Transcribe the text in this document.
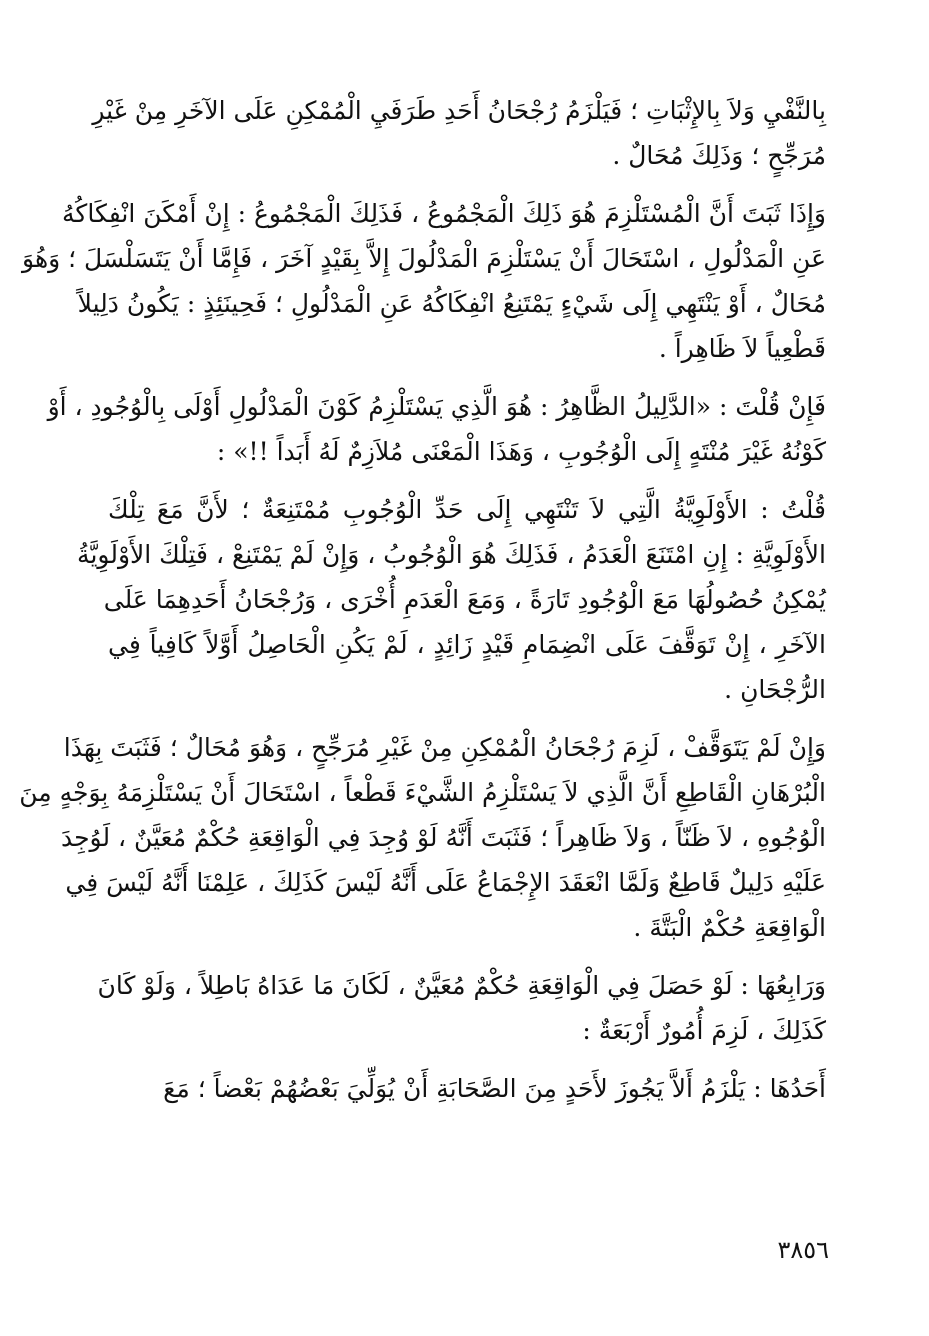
بِالنَّفْيِ وَلاَ بِالإِثْبَاتِ ؛ فَيَلْزَمُ رُجْحَانُ أَحَدِ طَرَفَيِ الْمُمْكِنِ عَلَى الآخَرِ مِنْ غَيْرِ
مُرَجِّحٍ ؛ وَذَلِكَ مُحَالٌ .
وَإِذَا ثَبَتَ أَنَّ الْمُسْتَلْزِمَ هُوَ ذَلِكَ الْمَجْمُوعُ ، فَذَلِكَ الْمَجْمُوعُ : إِنْ أَمْكَنَ انْفِكَاكُهُ
عَنِ الْمَدْلُولِ ، اسْتَحَالَ أَنْ يَسْتَلْزِمَ الْمَدْلُولَ إِلاَّ بِقَيْدٍ آخَرَ ، فَإِمَّا أَنْ يَتَسَلْسَلَ ؛ وَهُوَ
مُحَالٌ ، أَوْ يَنْتَهِي إِلَى شَيْءٍ يَمْتَنِعُ انْفِكَاكُهُ عَنِ الْمَدْلُولِ ؛ فَحِينَئِذٍ : يَكُونُ دَلِيلاً
قَطْعِياً لاَ ظَاهِراً .
فَإِنْ قُلْتَ : «الدَّلِيلُ الظَّاهِرُ : هُوَ الَّذِي يَسْتَلْزِمُ كَوْنَ الْمَدْلُولِ أَوْلَى بِالْوُجُودِ ، أَوْ
كَوْنُهُ غَيْرَ مُنْتَهٍ إِلَى الْوُجُوبِ ، وَهَذَا الْمَعْنَى مُلاَزِمٌ لَهُ أَبَداً !!» :
قُلْتُ : الأَوْلَوِيَّةُ الَّتِي لاَ تَنْتَهِي إِلَى حَدِّ الْوُجُوبِ مُمْتَنِعَةٌ ؛ لأَنَّ مَعَ تِلْكَ
الأَوْلَوِيَّةِ : إِنِ امْتَنَعَ الْعَدَمُ ، فَذَلِكَ هُوَ الْوُجُوبُ ، وَإِنْ لَمْ يَمْتَنِعْ ، فَتِلْكَ الأَوْلَوِيَّةُ
يُمْكِنُ حُصُولُهَا مَعَ الْوُجُودِ تَارَةً ، وَمَعَ الْعَدَمِ أُخْرَى ، وَرُجْحَانُ أَحَدِهِمَا عَلَى
الآخَرِ ، إِنْ تَوَقَّفَ عَلَى انْضِمَامِ قَيْدٍ زَائِدٍ ، لَمْ يَكُنِ الْحَاصِلُ أَوَّلاً كَافِياً فِي
الرُّجْحَانِ .
وَإِنْ لَمْ يَتَوَقَّفْ ، لَزِمَ رُجْحَانُ الْمُمْكِنِ مِنْ غَيْرِ مُرَجِّحٍ ، وَهُوَ مُحَالٌ ؛ فَثَبَتَ بِهَذَا
الْبُرْهَانِ الْقَاطِعِ أَنَّ الَّذِي لاَ يَسْتَلْزِمُ الشَّيْءَ قَطْعاً ، اسْتَحَالَ أَنْ يَسْتَلْزِمَهُ بِوَجْهٍ مِنَ
الْوُجُوهِ ، لاَ ظَنّاً ، وَلاَ ظَاهِراً ؛ فَثَبَتَ أَنَّهُ لَوْ وُجِدَ فِي الْوَاقِعَةِ حُكْمٌ مُعَيَّنٌ ، لَوُجِدَ
عَلَيْهِ دَلِيلٌ قَاطِعٌ وَلَمَّا انْعَقَدَ الإِجْمَاعُ عَلَى أَنَّهُ لَيْسَ كَذَلِكَ ، عَلِمْنَا أَنَّهُ لَيْسَ فِي
الْوَاقِعَةِ حُكْمٌ الْبَتَّةَ .
وَرَابِعُهَا : لَوْ حَصَلَ فِي الْوَاقِعَةِ حُكْمٌ مُعَيَّنٌ ، لَكَانَ مَا عَدَاهُ بَاطِلاً ، وَلَوْ كَانَ
كَذَلِكَ ، لَزِمَ أُمُورٌ أَرْبَعَةٌ :
أَحَدُهَا : يَلْزَمُ أَلاَّ يَجُوزَ لأَحَدٍ مِنَ الصَّحَابَةِ أَنْ يُوَلِّيَ بَعْضُهُمْ بَعْضاً ؛ مَعَ
٣٨٥٦
